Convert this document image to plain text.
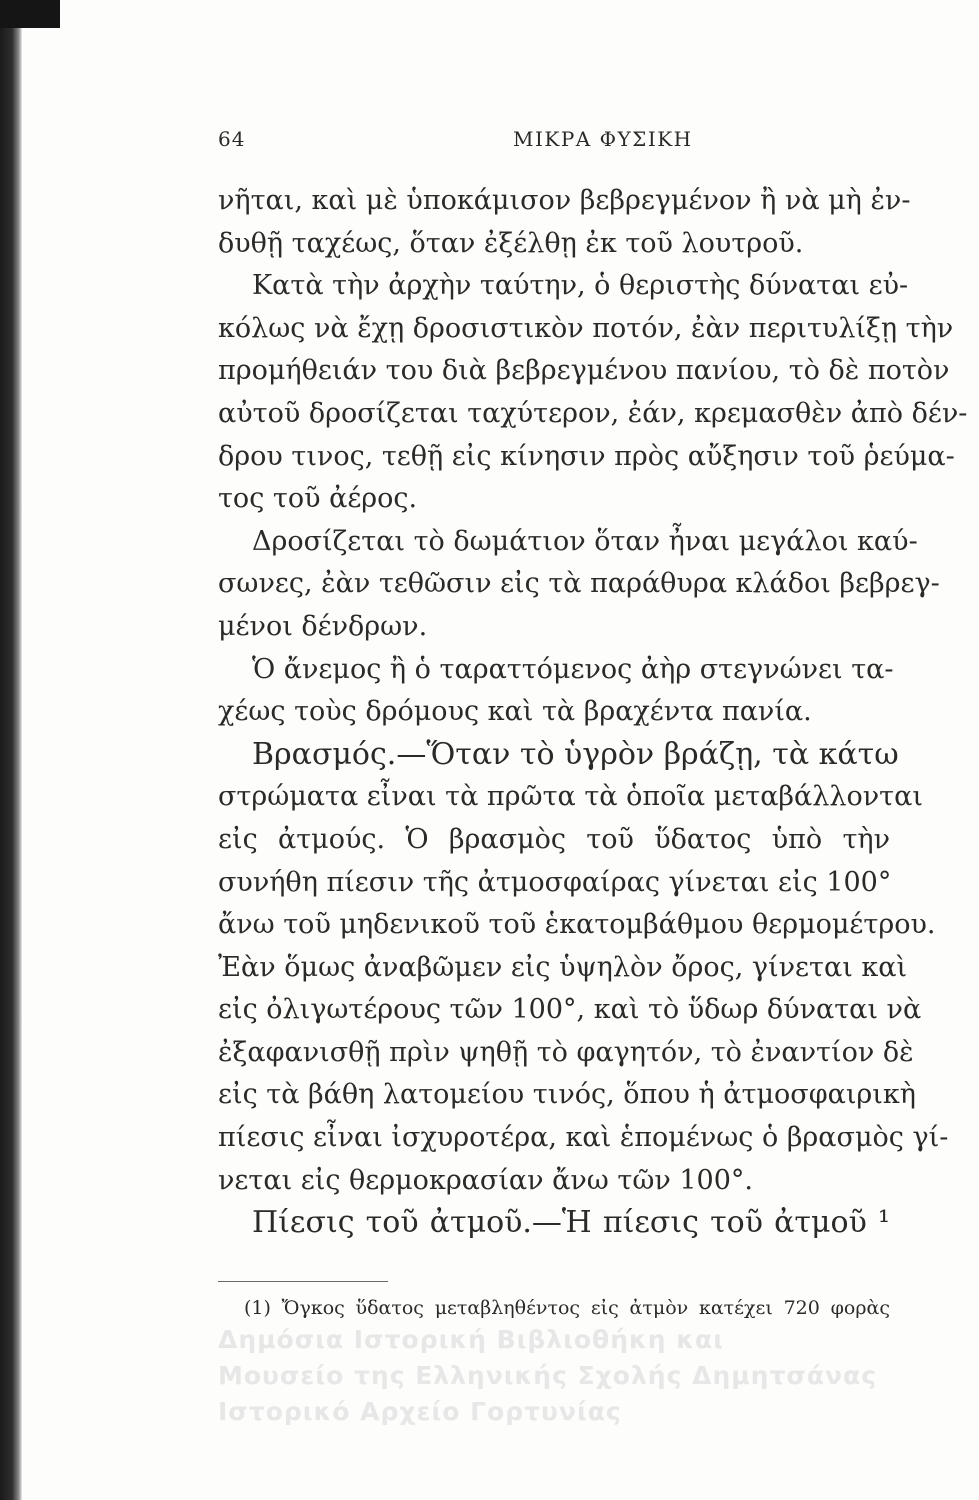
64	ΜΙΚΡΑ ΦΥΣΙΚΗ
νῆται, καὶ μὲ ὑποκάμισον βεβρεγμένον ἢ νὰ μὴ ἐν-
δυθῇ ταχέως, ὅταν ἐξέλθῃ ἐκ τοῦ λουτροῦ.
Κατὰ τὴν ἀρχὴν ταύτην, ὁ θεριστὴς δύναται εὐ-
κόλως νὰ ἔχῃ δροσιστικὸν ποτόν, ἐὰν περιτυλίξῃ τὴν
προμήθειάν του διὰ βεβρεγμένου πανίου, τὸ δὲ ποτὸν
αὐτοῦ δροσίζεται ταχύτερον, ἐάν, κρεμασθὲν ἀπὸ δέν-
δρου τινος, τεθῇ εἰς κίνησιν πρὸς αὔξησιν τοῦ ῥεύμα-
τος τοῦ ἀέρος.
Δροσίζεται τὸ δωμάτιον ὅταν ἦναι μεγάλοι καύ-
σωνες, ἐὰν τεθῶσιν εἰς τὰ παράθυρα κλάδοι βεβρεγ-
μένοι δένδρων.
Ὁ ἄνεμος ἢ ὁ ταραττόμενος ἀὴρ στεγνώνει τα-
χέως τοὺς δρόμους καὶ τὰ βραχέντα πανία.
Βρασμός.—Ὅταν τὸ ὑγρὸν βράζῃ, τὰ κάτω
στρώματα εἶναι τὰ πρῶτα τὰ ὁποῖα μεταβάλλονται
εἰς ἀτμούς. Ὁ βρασμὸς τοῦ ὕδατος ὑπὸ τὴν
συνήθη πίεσιν τῆς ἀτμοσφαίρας γίνεται εἰς 100°
ἄνω τοῦ μηδενικοῦ τοῦ ἑκατομβάθμου θερμομέτρου.
Ἐὰν ὅμως ἀναβῶμεν εἰς ὑψηλὸν ὄρος, γίνεται καὶ
εἰς ὀλιγωτέρους τῶν 100°, καὶ τὸ ὕδωρ δύναται νὰ
ἐξαφανισθῇ πρὶν ψηθῇ τὸ φαγητόν, τὸ ἐναντίον δὲ
εἰς τὰ βάθη λατομείου τινός, ὅπου ἡ ἀτμοσφαιρικὴ
πίεσις εἶναι ἰσχυροτέρα, καὶ ἑπομένως ὁ βρασμὸς γί-
νεται εἰς θερμοκρασίαν ἄνω τῶν 100°.
Πίεσις τοῦ ἀτμοῦ.—Ἡ πίεσις τοῦ ἀτμοῦ ¹
(1) Ὄγκος ὕδατος μεταβληθέντος εἰς ἀτμὸν κατέχει 720 φορὰς
Δημόσια Ιστορική Βιβλιοθήκη και
Μουσείο της Ελληνικής Σχολής Δημητσάνας
Ιστορικό Αρχείο Γορτυνίας
